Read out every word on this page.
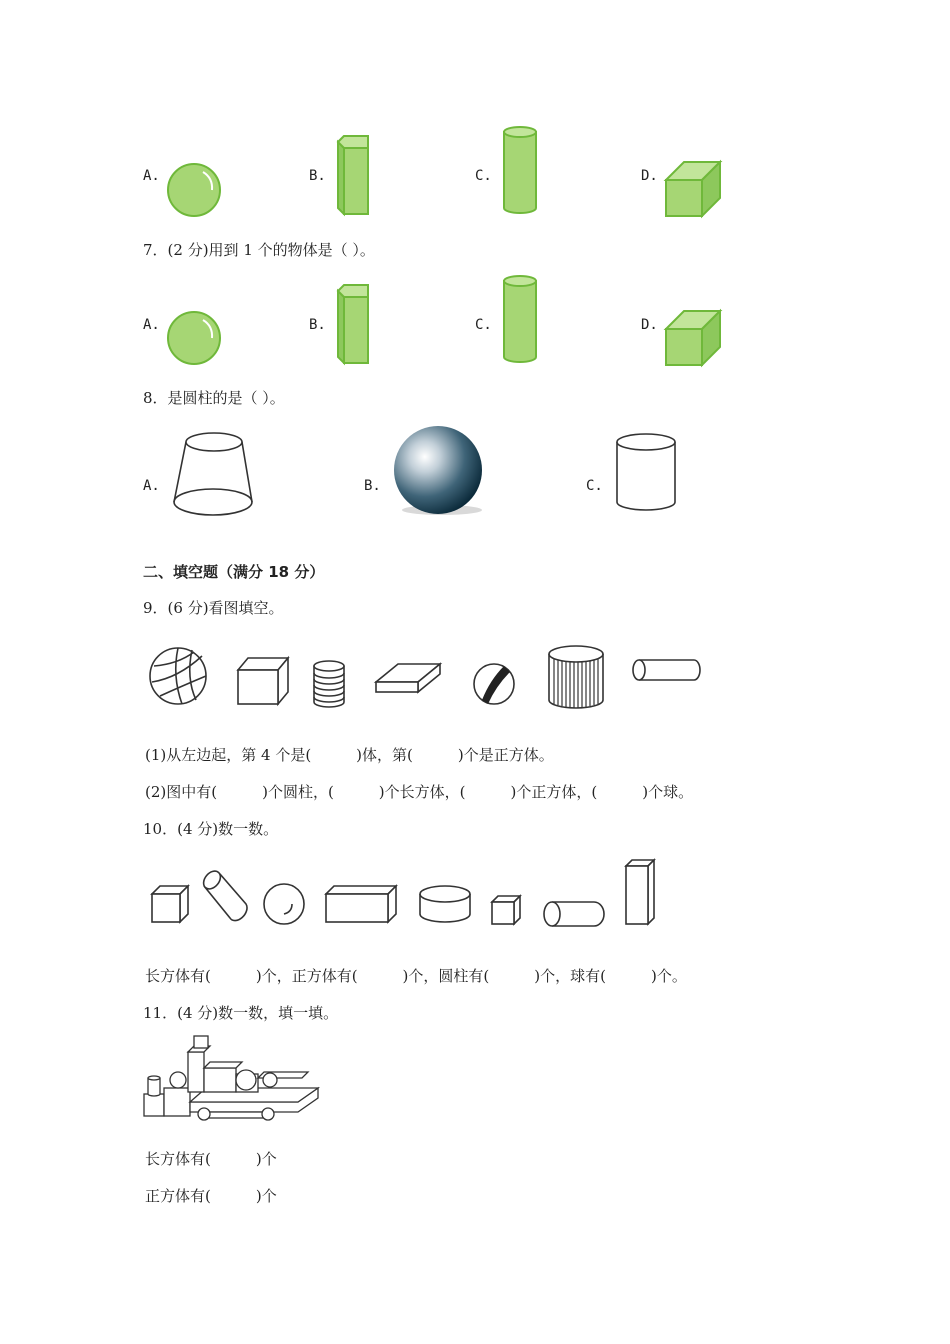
A.	B.	C.	D.
7．(2 分)用到 1 个的物体是（ ）。
A.	B.	C.	D.
8．是圆柱的是（ ）。
A.	B.	C.
二、填空题（满分 18 分）
9．(6 分)看图填空。
(1)从左边起，第 4 个是(　　　)体，第(　　　)个是正方体。
(2)图中有(　　　)个圆柱，(　　　)个长方体，(　　　)个正方体，(　　　)个球。
10．(4 分)数一数。
长方体有(　　　)个，正方体有(　　　)个，圆柱有(　　　)个，球有(　　　)个。
11．(4 分)数一数，填一填。
长方体有(　　　)个
正方体有(　　　)个
